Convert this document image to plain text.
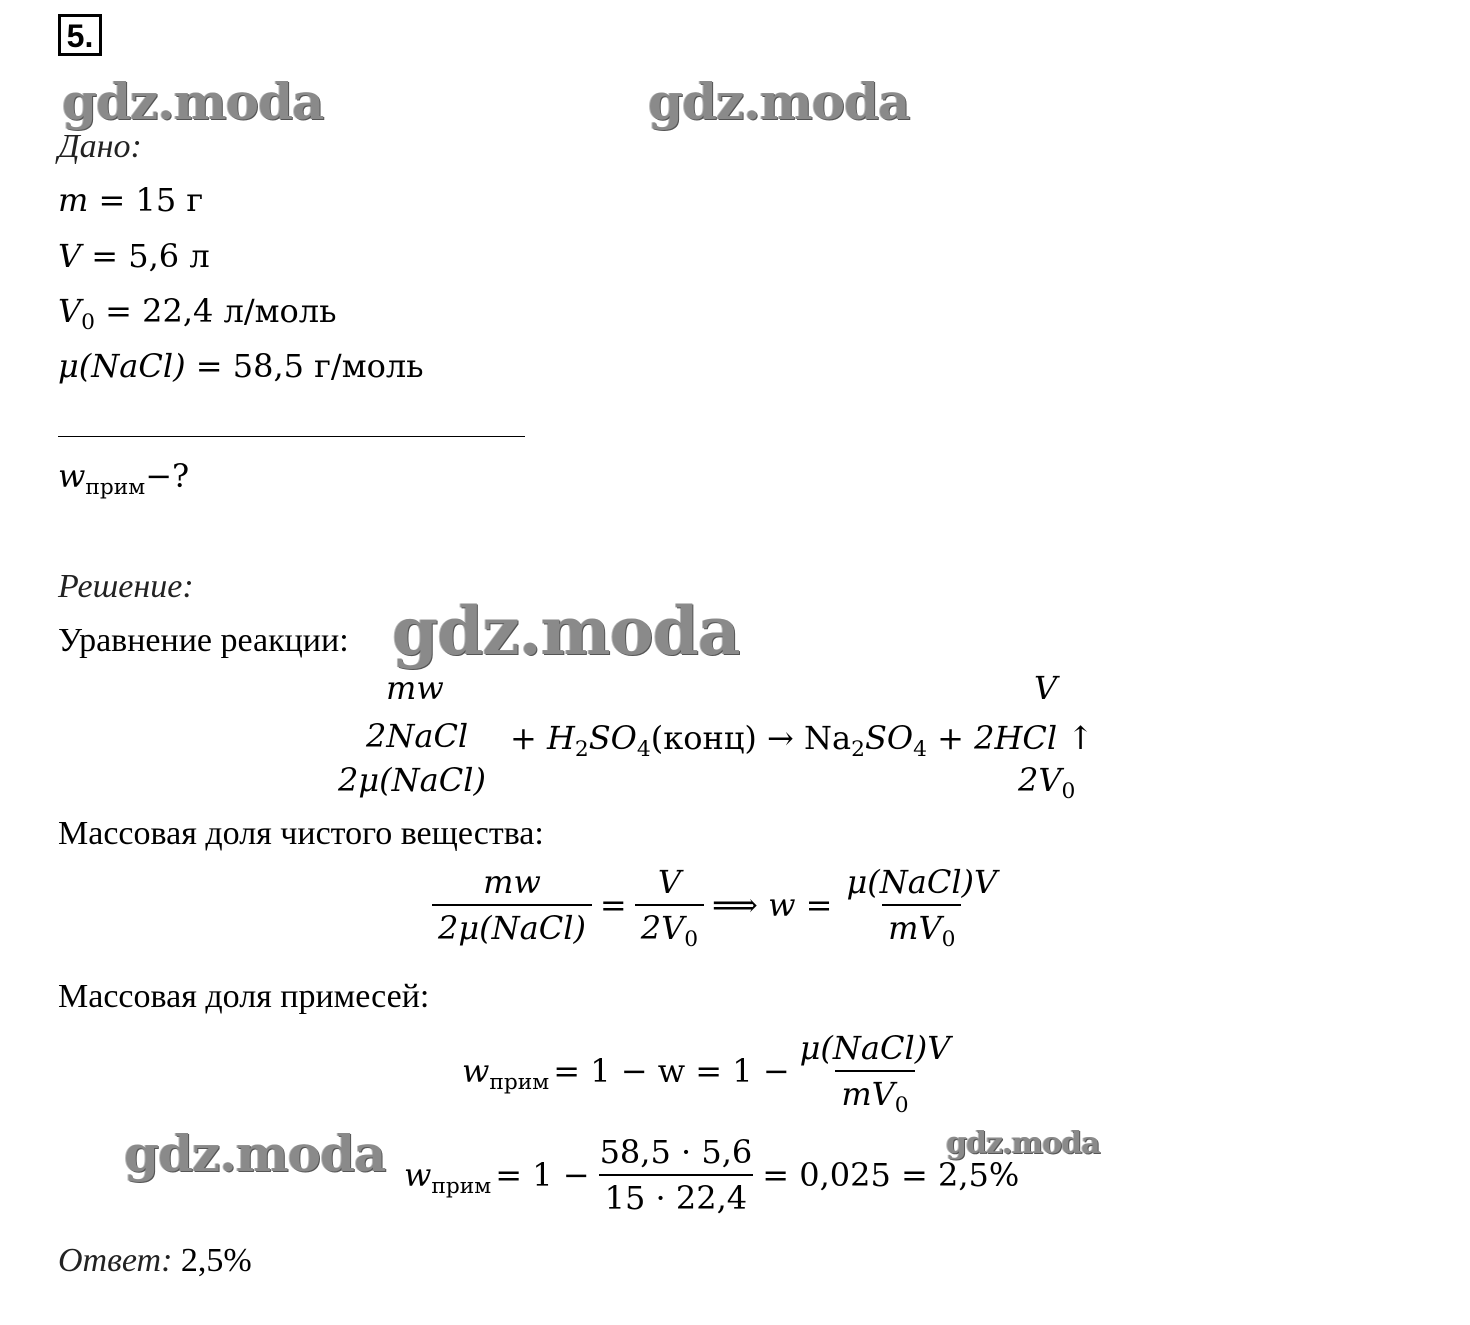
5.
gdz.moda	gdz.moda
gdz.moda
gdz.moda	gdz.moda
Дано:
m = 15 г
V = 5,6 л
$V_0 = 22,4$ л/моль
μ(NaCl) = 58,5 г/моль
$w_{прим}-$?
Решение:
Уравнение реакции:
mw
2NaCl
2μ(NaCl)
+ $H_2SO_4(конц) \to Na_2SO_4 + 2HCl$ ↑
V
$2V_0$
Массовая доля чистого вещества:
$\frac{mw}{\text{2μ(NaCl)}} = \frac{V}{2V_0}$ ⟹ $w = \frac{\text{μ(NaCl)V}}{mV_0}$
Массовая доля примесей:
$w_{прим} = 1 - w = 1 - \frac{\text{μ(NaCl)V}}{mV_0}$
$w_{прим} = 1 - \frac{58,5 \cdot 5,6}{15 \cdot 22,4} = 0,025 = 2,5\%$
Ответ: 2,5%
